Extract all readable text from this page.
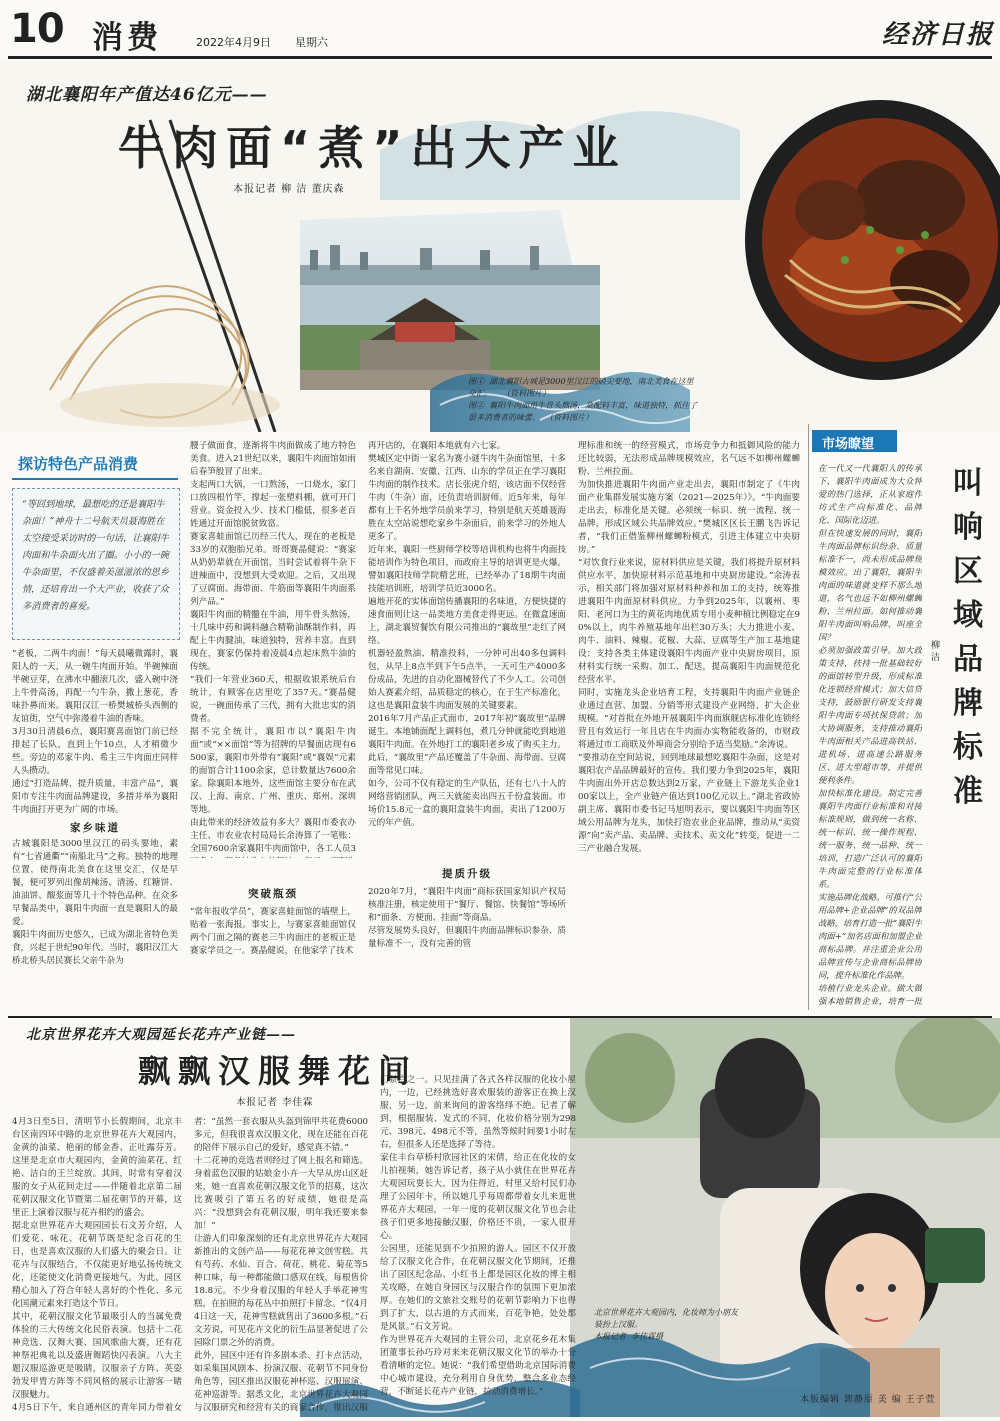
10 消费	2022年4月9日 星期六	经济日报
湖北襄阳年产值达46亿元——
牛肉面“煮”出大产业
本报记者 柳 洁 董庆森
图①  湖北襄阳古城是3000里汉江的硝尖要地，南北美食在这里交汇。    （资料图片）
图②  襄阳牛肉面用牛骨头熬汤，莫配料丰富，味道独特，抓住了很多消费者的味蕾。  （资料图片）
探访特色产品消费
“等回到地球，最想吃的还是襄阳牛杂面！”神舟十二号航天员聂海胜在太空接受采访时的一句话，让襄阳牛肉面和牛杂面火出了圈。小小的一碗牛杂面里，不仅盛着美滋滋浓的思乡情，还培育出一个大产业，收获了众多消费者的喜爱。
“老板，二两牛肉面！”每天晨曦微露时，襄阳人的一天，从一碗牛肉面开始。半碗辣面半碗豆芽，在沸水中翻滚几次，盛入碗中浇上牛骨高汤，再配一勺牛杂，撒上葱花，香味扑鼻而来。襄阳汉江一桥樊城桥头西侧的友谊街，空气中弥漫着牛油的香味。
3月30日清晨6点，襄阳赛喜面馆门前已经排起了长队，直到上午10点，人才稍微少些。旁边的邓家牛肉、希主三牛肉面庄同样人头攒动。
通过“打造品牌，提升质量，丰富产品”，襄阳市专注牛肉面品牌建设，多措并举为襄阳牛肉面打开更为广阔的市场。
家乡味道
古城襄阳是3000里汉江的码头要地，素有“七省通衢”“南船北马”之称。独特的地理位置，使得南北美食在这里交汇，仅是早餐，便可罗列出像胡辣汤、清汤、红糖饼、油油饼、酸浆面等几十个特色品种。在众多早餐品类中，襄阳牛肉面一直是襄阳人的最爱。
襄阳牛肉面历史悠久，已成为湖北省特色美食，兴起于世纪90年代。当时，襄阳汉江大桥北桥头居民赛长父亲牛杂为
腰子做面食，逐渐将牛肉面做成了地方特色美食。进入21世纪以来，襄阳牛肉面馆如雨后春笋般冒了出来。
支起两口大锅，一口熬汤，一口烧水，家门口放四根竹竿，撑起一张塑料棚，就可开门营业。资金投入少、技术门槛低，很多老百姓通过开面馆脱贫致富。
赛家喜蛙面馆已历经三代人，现在的老板是33岁的双胞胎兄弟。哥哥赛晶健说：“赛家从奶奶辈就在开面馆，当时尝试着将牛杂下进辣面中，没想到大受欢迎。之后，又出现了豆腐面、海带面、牛筋面等襄阳牛肉面系列产品。”
襄阳牛肉面的精髓在牛油，用牛骨头熬汤，十几味中药和调料融合精勒油酥制作料，再配上牛肉腱油，味道独特，营养丰富。直到现在，赛家仍保持着凌晨4点起床熬牛油的传统。
“我们一年营业360天，根据收银系统后台统计，有顾客在店里吃了357天。”赛晶健说，一碗面传承了三代，拥有大批忠实的消费者。
据不完全统计，襄阳市以“襄阳牛肉面”或“××面馆”等为招牌的早餐面店现有6500家，襄阳市外带有“襄阳”或“襄娱”元素的面馆合计1100余家，总计数量达7600余家。除襄阳本地外，这些面馆主要分布在武汉、上海、南京、广州、重庆、郑州、深圳等地。
由此带来的经济效益有多大？襄阳市委农办主任、市农业农村局局长余涛算了一笔账：全国7600余家襄阳牛肉面馆中，各工人员3
突破瓶颈
“常年报收学员”，赛家喜蛙面馆的墙壁上，贴着一张海报。事实上，与赛家喜蛙面馆仅两个门面之隔的赛老三牛肉面庄的老板正是赛家学员之一。赛晶健说，在他家学了技术
再开店的，在襄阳本地就有六七家。
樊城区定中街一家名为赛小谜牛肉牛杂面馆里，十多名来自湖南、安徽、江西、山东的学员正在学习襄阳牛肉面的制作技术。店长张虎介绍，该店面不仅经营牛肉（牛杂）面，还负责培训厨师。近5年来，每年都有上千名外地学员前来学习，特别是航天英雄聂海胜在太空站说想吃家乡牛杂面后，前来学习的外地人更多了。
近年来，襄阳一些厨师学校等培训机构也将牛肉面技能培训作为特色项目，而政府主导的培训更是火爆。譬如襄阳技师学院精艺班，已经举办了18期牛肉面技能培训班，培训学员近3000名。
遍地开花的实体面馆传播襄阳的名味道，方便快捷的速食面则让这一品类地方美食走得更远。在微盒速面上，湖北襄贸餐饮有限公司推出的“襄故里”走红了网络。
机器轻盈熬油、精准投料，一分钟可出40多包调料包，从早上8点半到下午5点半，一天可生产4000多份成品，先进的自动化器械替代了不少人工。公司创始人赛素介绍，品质稳定的核心，在于生产标准化，这也是襄阳盒装牛肉面发展的关键要素。
2016年7月产品正式面市，2017年初“襄故里”品牌诞生。本地铺面配上调料包，煮几分钟就能吃到地道襄阳牛肉面。在外地打工的襄阳老乡成了购买主力。此后，“襄故里”产品还覆盖了牛杂面、海带面、豆腐面等常见口味。
如今，公司不仅有稳定的生产队伍，还有七八十人的网络营销团队，两三天就能卖出四五千份盒装面。市场价15.8元一盒的襄阳盒装牛肉面，卖出了1200万元的年产值。
提质升级
2020年7月，“襄阳牛肉面”商标获国家知识产权局核准注册，核定使用于“餐厅、餐馆、快餐馆”等场所和“面条、方便面、挂面”等商品。
尽管发展势头良好，但襄阳牛肉面品牌标识参杂、质量标准不一，没有完善的管
理标准和统一的经营模式，市场竞争力和抵御风险的能力还比较弱，无法形成品牌规模效应，名气远不如柳州螺蛳粉、兰州拉面。
为加快推进襄阳牛肉面产业走出去，襄阳市制定了《牛肉面产业集群发展实施方案（2021—2025年）》。“牛肉面要走出去，标准化是关键。必须统一标识、统一流程、统一品牌，形成区域公共品牌效应。”樊城区区长王鹏飞告诉记者，“我们正借鉴柳州螺蛳粉模式，引进主体建立中央厨房。”
“对饮食行业来说，原材料供应是关键，我们将提升原材料供应水平，加快原材料示范基地和中央厨房建设。”余涛表示，相关部门将加强对原材料种养和加工的支持，统筹推进襄阳牛肉面原材料供应。力争到2025年，以襄州、枣阳、老河口为主的黄花肉地优质专用小麦种植比例稳定在90%以上，肉牛养殖基地年出栏30万头；大力推进小麦、肉牛、油料、辣椒、花椒、大蒜、豆腐等生产加工基地建设；支持各类主体建设襄阳牛肉面产业中央厨房项目，原材料实行统一采购、加工、配送，提高襄阳牛肉面规范化经营水平。
同时，实施龙头企业培育工程，支持襄阳牛肉面产业链企业通过直营、加盟、分销等形式建设产业网络，扩大企业规模。“对首批在外地开展襄阳牛肉面旗舰店标准化连锁经营且有效运行一年且店在牛肉面办实物能收备的，市财政将通过市工商联及外埠商会分别给予适当奖励。”余涛说。
“要推动在空间站说，回到地球最想吃襄阳牛杂面，这是对襄阳农产品品牌最好的宣传。我们要力争到2025年，襄阳牛肉面出外开店总数达到2万家，产业链上下游龙头企业100家以上，全产业链产值达到100亿元以上。”湖北省政协副主席、襄阳市委书记马旭明表示，要以襄阳牛肉面等区域公用品牌为龙头，加快打造农业企业品牌，推动从“卖资源”向“卖产品、卖品牌、卖技术、卖文化”转变，促进一二三产业融合发展。
市场瞭望
在一代又一代襄阳人的传承下，襄阳牛肉面成为大众钟爱的热门选择，正从家庭作坊式生产向标准化、品牌化、国际化迈进。
但在快速发展的同时，襄阳牛肉面品牌标识纷杂、质量标准不一，尚未形成品牌规模效应。出了襄阳，襄阳牛肉面的味道就变样不那么地道，名气也远不如柳州螺蛳粉、兰州拉面。如何推动襄阳牛肉面叫响品牌、叫座全国？
必须加强政策引导。加大政策支持，扶持一批基础较好的面馆转型升级，形成标准化连锁经营模式；加大信贷支持，鼓励银行研发支持襄阳牛肉面专项扶保贷款；加大协调服务，支持推动襄阳牛肉面相关产品进高铁站、进机场、进高速公路服务区、进大型超市等，并提供便利条件。
加快标准化建设。制定完善襄阳牛肉面行业标准和对接标准规则，做到统一名称、统一标识、统一操作规程、统一服务、统一品种、统一培训，打造广泛认可的襄阳牛肉面完整的行业标准体系。
实施品牌化战略。可推行“公用品牌+企业品牌”的双品牌战略，培育打造一批“襄阳牛肉面+”加名店面和加盟企业商标品牌。并注重企业公用品牌宣传与企业商标品牌协同，提升标准化作品牌。
培植行业龙头企业。做大做强本地销售企业，培育一批

叫响区域品牌标准
柳 洁
北京世界花卉大观园延长花卉产业链——
飘飘汉服舞花间
本报记者 李佳霖
4月3日至5日，清明节小长假期间，北京丰台区南四环中路的北京世界花卉大观园内，金黄的油菜、艳丽的郁金香、正吐露芬芳。这里是北京市大观园内，金黄的油菜花、红艳、洁白的王兰绽放。其间，时常有穿着汉服的女子从花间走过——伴随着北京第二届花朝汉服文化节暨第二届花朝节的开幕，这里正上演着汉服与花卉相约的盛会。
据北京世界花卉大观园园长石文芳介绍，人们爱花、咏花、花朝节既是纪念百花的生日，也是喜欢汉服的人们盛大的聚会日。让花卉与汉服结合，不仅能更好地弘扬传统文化，还能使文化消费更接地气。为此，园区精心加入了符合年轻人喜好的个性化、多元化国潮元素来打造这个节日。
其中，花朝汉服文化节最吸引人的当属免费体验的三大传统文化民俗表演。包括十二花神竞选、汉舞大赛、国风歌曲大赛，还有花神祭祀典礼以及盛唐舞蹈快闪表演。八大主题汉服巡游更是吸睛，汉服亲子方阵、英姿勃发甲胄方阵等不同风格的展示让游客一睹汉服魅力。
4月5日下午，来自通州区的青年同力带着女
者：“虽然一套衣服从头盔到锦甲共花费6000多元，但我很喜欢汉服文化，现在还能在百花的陪伴下展示自己的爱好，感觉真不错。”
十二花神的竞选者则经过了网上报名和筛选。身着蓝色汉服的姑娘金小卉一大早从房山区赶来，她一直喜欢花朝汉服文化节的招募，这次比赛吸引了第五名的好成绩，她很是高兴：“没想到会有花朝汉服，明年我还要来参加！”
让游人们印象深刻的还有北京世界花卉大观园新推出的文创产品——每花花神文创雪糕。共有芍药、水仙、百合、荷花、桃花、菊花等5种口味，每一种都能做口感双在线，每根售价18.8元。不少身着汉服的年轻人手举花神雪糕，在拍照的每花丛中拍照打卡留念。“仅4月4日这一天，花神雪糕就售出了3600多根。”石文芳说，可见花卉文化的衍生品显著促进了公园除门票之外的消费。
此外，园区中还有许多剧本杀、打卡点活动，如采集国风剧本、扮演汉服、花朝节不同身份角色等，园区推出汉服花神杯巡、汉服展演、花神巡游等。据悉文化，北京世界花卉大观园与汉服研究和经营有关的商家合作，推出汉服
门景点之一。只见挂满了各式各样汉服的化妆小屋内，一边，已经挑选好喜欢服装的游客正在换上汉服，另一边，前来询问的游客络绎不绝。记者了解到，根据服装、发式的不同，化妆价格分别为298元、398元、498元不等，虽然等候时间要1小时左右，但很多人还是选择了等待。
家住丰台草桥村欣园社区的宋倩，给正在化妆的女儿拍视频，她告诉记者，孩子从小就住在世界花卉大观园玩耍长大，因为住得近，村里又给村民们办理了公园年卡，所以她几乎每周都带着女儿来逛世界花卉大观园，一年一度的花朝汉服文化节也会让孩子们更多地接触汉服，价格还不贵，一家人很开心。
公园里，还能见到不少拍照的游人。园区不仅开放给了汉服文化合作，在花朝汉服文化节期间，还推出了园区纪念品、小红书上都是园区化妆的博主相关攻略，在她自身园区与汉服合作的氛围下更加浓厚。在她们的文旅社交账号的花朝节影响力下也得到了扩大，以古道的方式而来，百花争艳，处处都是风景。”石文芳说。
作为世界花卉大观园的主管公司，北京花乡花木集团董事长孙巧玲对来来花朝汉服文化节的举办十分看清晰的定位。她说：“我们希望借助北京国际消费中心城市建设，充分利用自身优势，整合多业态经营，不断延长花卉产业链，拉动消费增长。”
北京世界花卉大观园内，化妆师为小朋友装扮上汉服。
本报记者  李佳霖摄
本版编辑 郭静原 美 编 王子萱
